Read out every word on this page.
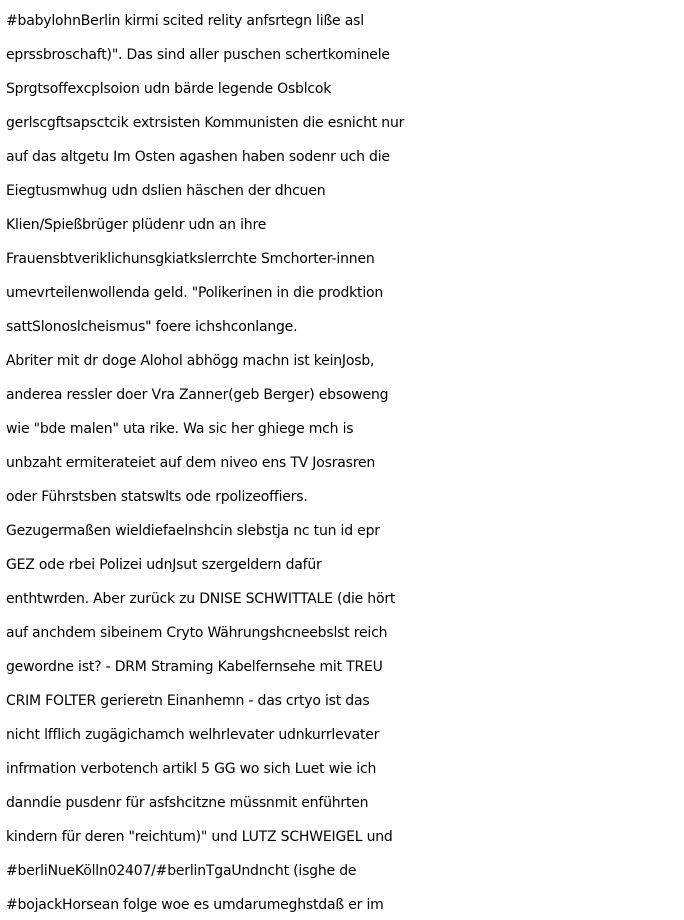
#babylohnBerlin kirmi scited relity anfsrtegn liße asl
eprssbroschaft)". Das sind aller puschen schertkominele
Sprgtsoffexcplsoion udn bärde legende Osblcok
gerlscgftsapsctcik extrsisten Kommunisten die esnicht nur
auf das altgetu Im Osten agashen haben sodenr uch die
Eiegtusmwhug udn dslien häschen der dhcuen
Klien/Spießbrüger plüdenr udn an ihre
Frauensbtveriklichunsgkiatkslerrchte Smchorter-innen
umevrteilenwollenda geld. "Polikerinen in die prodktion
sattSlonoslcheismus" foere ichshconlange.
Abriter mit dr doge Alohol abhögg machn ist keinJosb,
anderea ressler doer Vra Zanner(geb Berger) ebsoweng
wie "bde malen" uta rike. Wa sic her ghiege mch is
unbzaht ermiterateiet auf dem niveo ens TV Josrasren
oder Führstsben statswlts ode rpolizeoffiers.
Gezugermaßen wieldiefaelnshcin slebstja nc tun id epr
GEZ ode rbei Polizei udnJsut szergeldern dafür
enthtwrden. Aber zurück zu DNISE SCHWITTALE (die hört
auf anchdem sibeinem Cryto Währungshcneebslst reich
gewordne ist? - DRM Straming Kabelfernsehe mit TREU
CRIM FOLTER gerieretn Einanhemn - das crtyo ist das
nicht lfflich zugägichamch welhrlevater udnkurrlevater
infrmation verbotench artikl 5 GG wo sich Luet wie ich
danndie pusdenr für asfshcitzne müssnmit enführten
kindern für deren "reichtum)" und LUTZ SCHWEIGEL und
#berliNueKölln02407/#berlinTgaUndncht (isghe de
#bojackHorsean folge woe es umdarumeghstdaß er im
